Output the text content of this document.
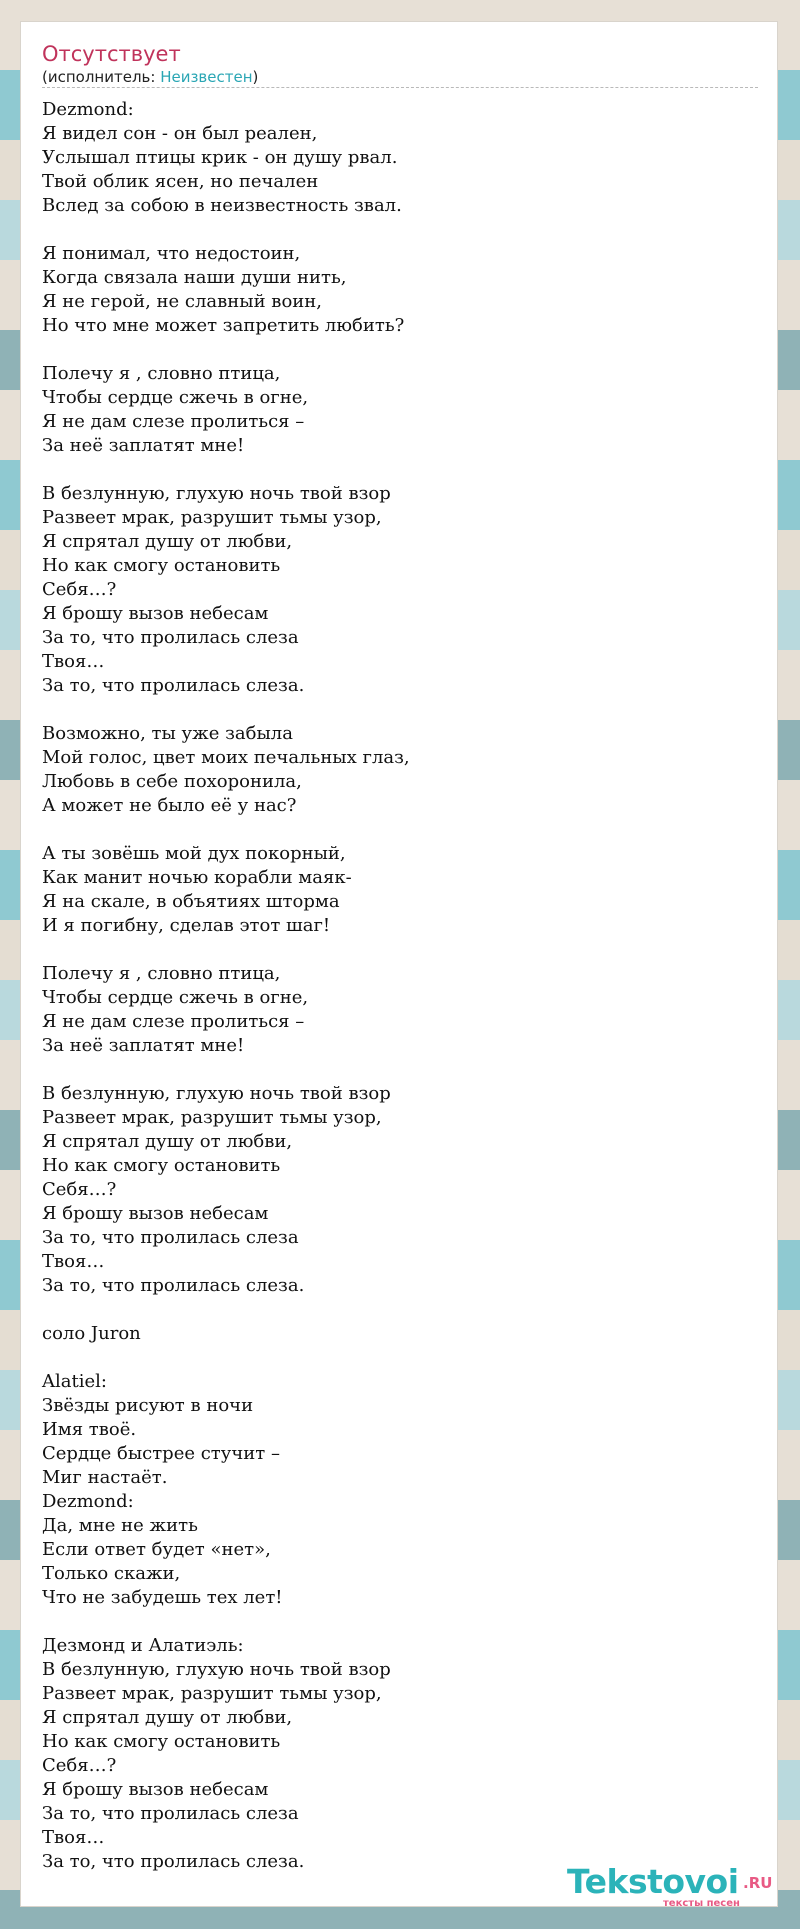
Отсутствует
(исполнитель: Неизвестен)
Dezmond:
Я видел сон - он был реален,
Услышал птицы крик - он душу рвал.
Твой облик ясен, но печален
Вслед за собою в неизвестность звал.

Я понимал, что недостоин,
Когда связала наши души нить,
Я не герой, не славный воин,
Но что мне может запретить любить?

Полечу я , словно птица,
Чтобы сердце сжечь в огне,
Я не дам слезе пролиться –
За неё заплатят мне!

В безлунную, глухую ночь твой взор
Развеет мрак, разрушит тьмы узор,
Я спрятал душу от любви,
Но как смогу остановить
Себя…?
Я брошу вызов небесам
За то, что пролилась слеза
Твоя…
За то, что пролилась слеза.

Возможно, ты уже забыла
Мой голос, цвет моих печальных глаз,
Любовь в себе похоронила,
А может не было её у нас?

А ты зовёшь мой дух покорный,
Как манит ночью корабли маяк-
Я на скале, в объятиях шторма
И я погибну, сделав этот шаг!

Полечу я , словно птица,
Чтобы сердце сжечь в огне,
Я не дам слезе пролиться –
За неё заплатят мне!

В безлунную, глухую ночь твой взор
Развеет мрак, разрушит тьмы узор,
Я спрятал душу от любви,
Но как смогу остановить
Себя…?
Я брошу вызов небесам
За то, что пролилась слеза
Твоя…
За то, что пролилась слеза.

соло Juron

Alatiel:
Звёзды рисуют в ночи
Имя твоё.
Сердце быстрее стучит –
Миг настаёт.
Dezmond:
Да, мне не жить
Если ответ будет «нет»,
Только скажи,
Что не забудешь тех лет!

Дезмонд и Алатиэль:
В безлунную, глухую ночь твой взор
Развеет мрак, разрушит тьмы узор,
Я спрятал душу от любви,
Но как смогу остановить
Себя…?
Я брошу вызов небесам
За то, что пролилась слеза
Твоя…
За то, что пролилась слеза.
Tekstovoi .RU
тексты песен
